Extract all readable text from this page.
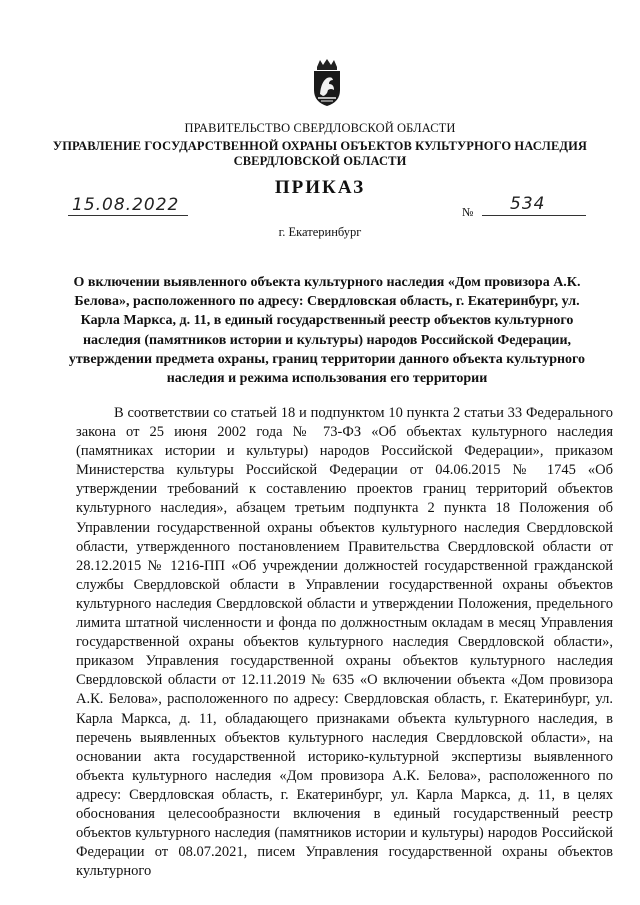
ПРАВИТЕЛЬСТВО СВЕРДЛОВСКОЙ ОБЛАСТИ
УПРАВЛЕНИЕ ГОСУДАРСТВЕННОЙ ОХРАНЫ ОБЪЕКТОВ КУЛЬТУРНОГО НАСЛЕДИЯ
СВЕРДЛОВСКОЙ ОБЛАСТИ
ПРИКАЗ
15.08.2022	№ 534
г. Екатеринбург
О включении выявленного объекта культурного наследия «Дом провизора А.К. Белова», расположенного по адресу: Свердловская область, г. Екатеринбург, ул. Карла Маркса, д. 11, в единый государственный реестр объектов культурного наследия (памятников истории и культуры) народов Российской Федерации, утверждении предмета охраны, границ территории данного объекта культурного наследия и режима использования его территории

В соответствии со статьей 18 и подпунктом 10 пункта 2 статьи 33 Федерального закона от 25 июня 2002 года № 73-ФЗ «Об объектах культурного наследия (памятниках истории и культуры) народов Российской Федерации», приказом Министерства культуры Российской Федерации от 04.06.2015 № 1745 «Об утверждении требований к составлению проектов границ территорий объектов культурного наследия», абзацем третьим подпункта 2 пункта 18 Положения об Управлении государственной охраны объектов культурного наследия Свердловской области, утвержденного постановлением Правительства Свердловской области от 28.12.2015 № 1216-ПП «Об учреждении должностей государственной гражданской службы Свердловской области в Управлении государственной охраны объектов культурного наследия Свердловской области и утверждении Положения, предельного лимита штатной численности и фонда по должностным окладам в месяц Управления государственной охраны объектов культурного наследия Свердловской области», приказом Управления государственной охраны объектов культурного наследия Свердловской области от 12.11.2019 № 635 «О включении объекта «Дом провизора А.К. Белова», расположенного по адресу: Свердловская область, г. Екатеринбург, ул. Карла Маркса, д. 11, обладающего признаками объекта культурного наследия, в перечень выявленных объектов культурного наследия Свердловской области», на основании акта государственной историко-культурной экспертизы выявленного объекта культурного наследия «Дом провизора А.К. Белова», расположенного по адресу: Свердловская область, г. Екатеринбург, ул. Карла Маркса, д. 11, в целях обоснования целесообразности включения в единый государственный реестр объектов культурного наследия (памятников истории и культуры) народов Российской Федерации от 08.07.2021, писем Управления государственной охраны объектов культурного
